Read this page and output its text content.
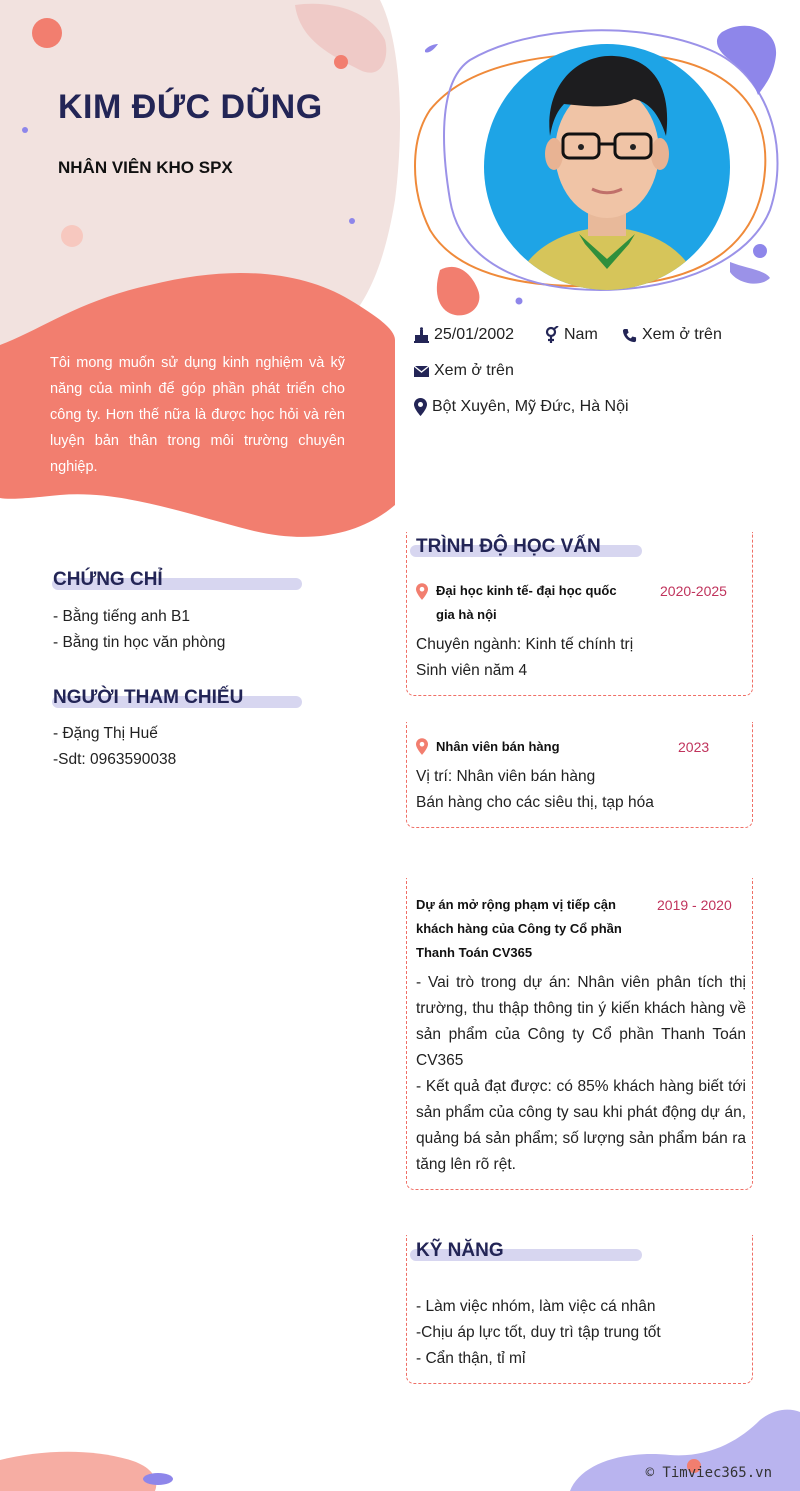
KIM ĐỨC DŨNG
NHÂN VIÊN KHO SPX
Tôi mong muốn sử dụng kinh nghiệm và kỹ năng của mình để góp phần phát triển cho công ty. Hơn thế nữa là được học hỏi và rèn luyện bản thân trong môi trường chuyên nghiệp.
25/01/2002	Nam	Xem ở trên
Xem ở trên
Bột Xuyên, Mỹ Đức, Hà Nội
CHỨNG CHỈ
- Bằng tiếng anh B1
- Bằng tin học văn phòng
NGƯỜI THAM CHIẾU
- Đặng Thị Huế
-Sdt: 0963590038
TRÌNH ĐỘ HỌC VẤN
Đại học kinh tế- đại học quốc
gia hà nội
2020-2025
Chuyên ngành: Kinh tế chính trị
Sinh viên năm 4
Nhân viên bán hàng	2023
Vị trí: Nhân viên bán hàng
Bán hàng cho các siêu thị, tạp hóa
Dự án mở rộng phạm vị tiếp cận
khách hàng của Công ty Cổ phần
Thanh Toán CV365
2019 - 2020
- Vai trò trong dự án: Nhân viên phân tích thị trường, thu thập thông tin ý kiến khách hàng về sản phẩm của Công ty Cổ phần Thanh Toán CV365
- Kết quả đạt được: có 85% khách hàng biết tới sản phẩm của công ty sau khi phát động dự án, quảng bá sản phẩm; số lượng sản phẩm bán ra tăng lên rõ rệt.
KỸ NĂNG
- Làm việc nhóm, làm việc cá nhân
-Chịu áp lực tốt, duy trì tập trung tốt
- Cẩn thận, tỉ mỉ
© Timviec365.vn
